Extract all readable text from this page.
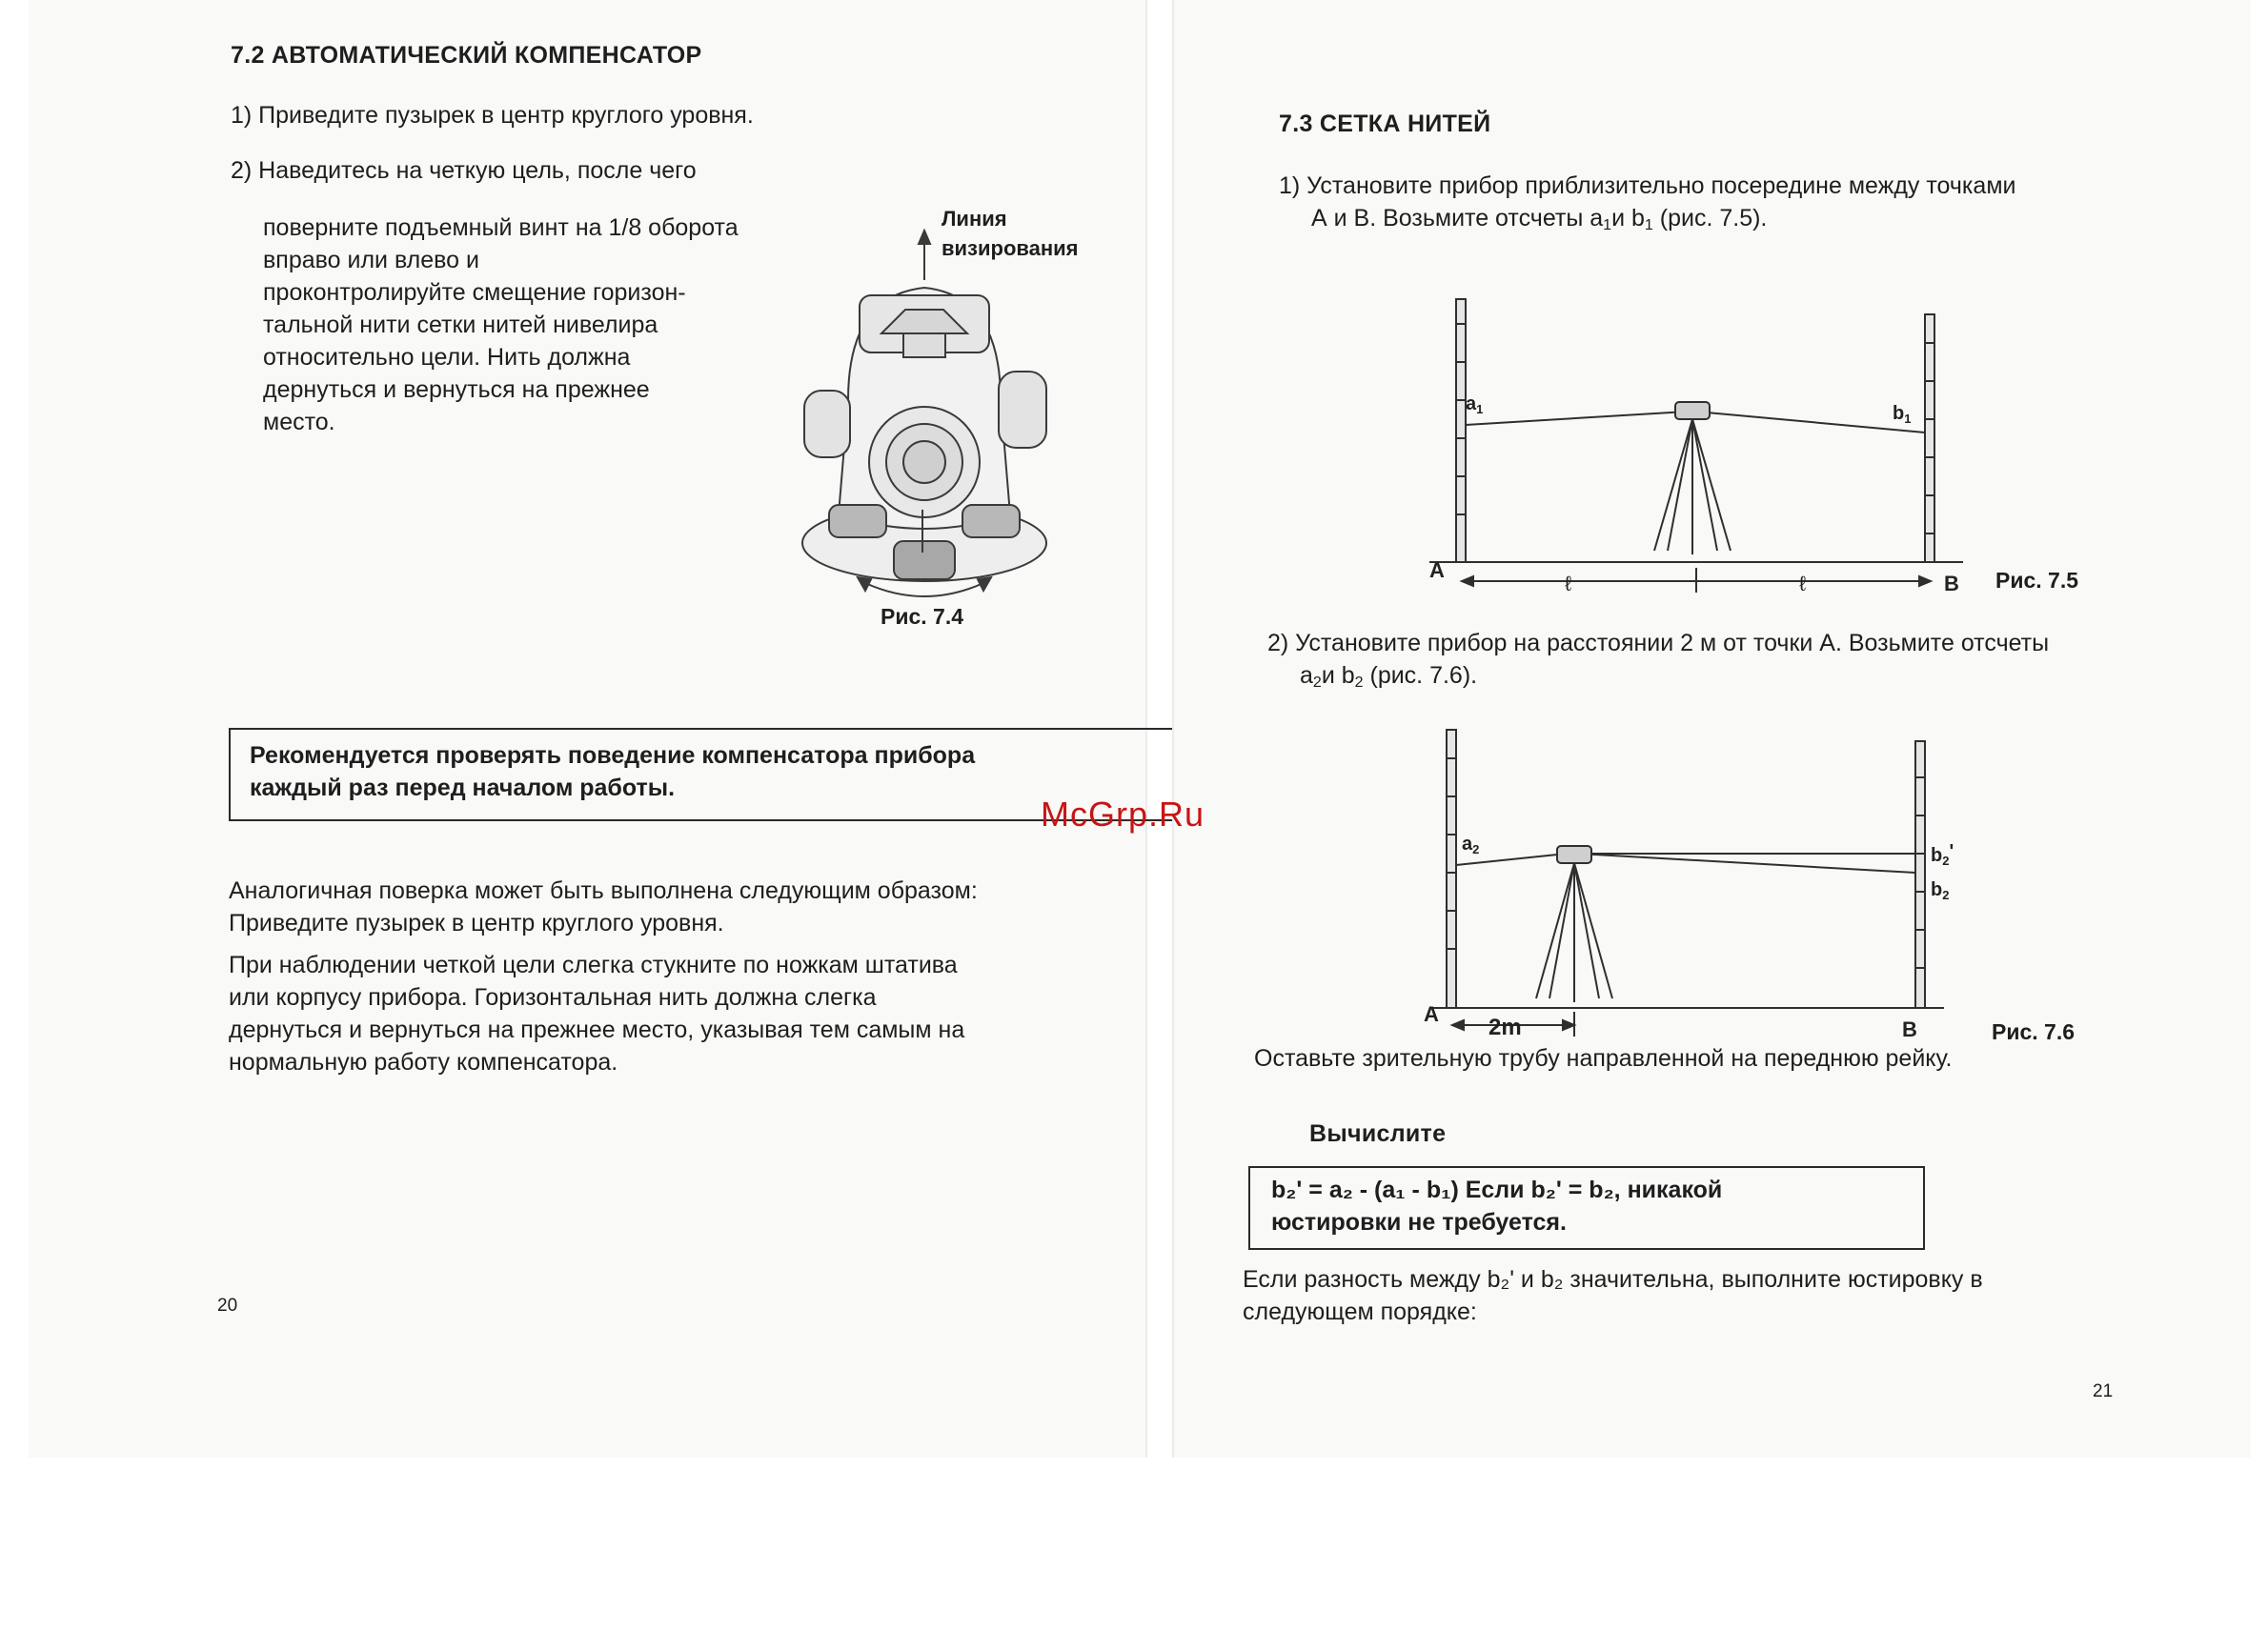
7.2 АВТОМАТИЧЕСКИЙ КОМПЕНСАТОР
1) Приведите пузырек в центр круглого уровня.
2) Наведитесь на четкую цель, после чего
поверните подъемный винт на 1/8 оборота
вправо или влево и
проконтролируйте смещение горизон-
тальной нити сетки нитей нивелира
относительно цели. Нить должна
дернуться и вернуться на прежнее
место.
Линия
визирования
Рис. 7.4
Рекомендуется проверять поведение компенсатора прибора
каждый раз перед началом работы.
Аналогичная поверка может быть выполнена следующим образом:
Приведите пузырек в центр круглого уровня.
При наблюдении четкой цели слегка стукните по ножкам штатива
или корпусу прибора. Горизонтальная нить должна слегка
дернуться и вернуться на прежнее место, указывая тем самым на
нормальную работу компенсатора.
20
7.3 СЕТКА НИТЕЙ
1) Установите прибор приблизительно посередине между точками
А и В. Возьмите отсчеты $a_1и$ $b_1$ (рис. 7.5).
$a_1$	$b_1$
A
B
ℓ	ℓ	Рис. 7.5
2) Установите прибор на расстоянии 2 м от точки А. Возьмите отсчеты
$a_2и$ $b_2$ (рис. 7.6).
$a_2$	$b_2'$
$b_2$
A
B
2m	Рис. 7.6
Оставьте зрительную трубу направленной на переднюю рейку.
Вычислите
b₂' = a₂ - (a₁ - b₁) Если b₂' = b₂, никакой
юстировки не требуется.
Если разность между b₂' и b₂ значительна, выполните юстировку в
следующем порядке:
21
McGrp.Ru
